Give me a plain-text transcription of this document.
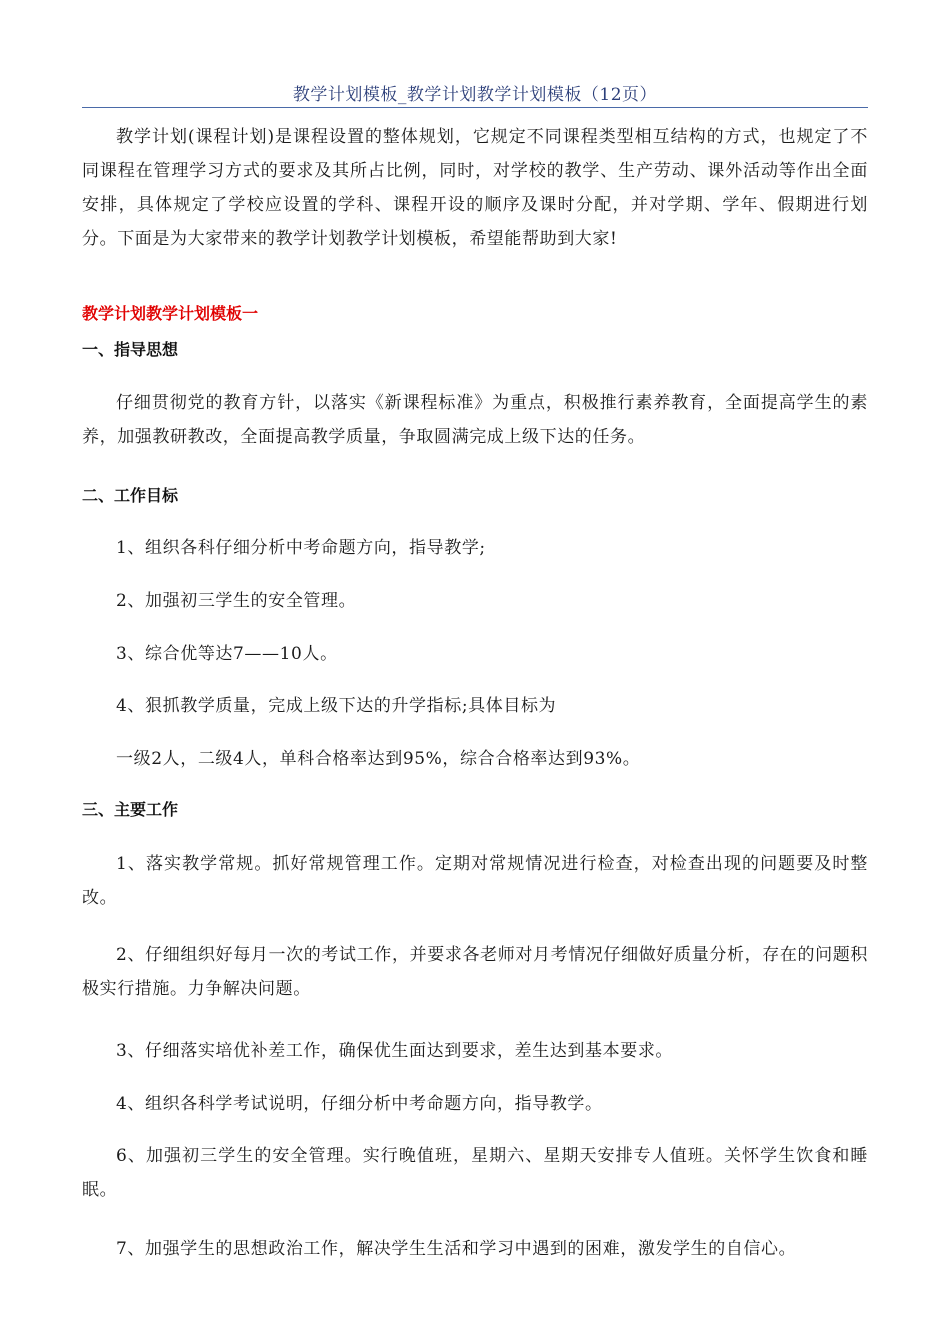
教学计划模板_教学计划教学计划模板（12页）

教学计划(课程计划)是课程设置的整体规划，它规定不同课程类型相互结构的方式，也规定了不同课程在管理学习方式的要求及其所占比例，同时，对学校的教学、生产劳动、课外活动等作出全面安排，具体规定了学校应设置的学科、课程开设的顺序及课时分配，并对学期、学年、假期进行划分。下面是为大家带来的教学计划教学计划模板，希望能帮助到大家!

教学计划教学计划模板一
一、指导思想

仔细贯彻党的教育方针，以落实《新课程标准》为重点，积极推行素养教育，全面提高学生的素养，加强教研教改，全面提高教学质量，争取圆满完成上级下达的任务。

二、工作目标

1、组织各科仔细分析中考命题方向，指导教学;

2、加强初三学生的安全管理。

3、综合优等达7——10人。

4、狠抓教学质量，完成上级下达的升学指标;具体目标为

一级2人，二级4人，单科合格率达到95%，综合合格率达到93%。

三、主要工作

1、落实教学常规。抓好常规管理工作。定期对常规情况进行检查，对检查出现的问题要及时整改。

2、仔细组织好每月一次的考试工作，并要求各老师对月考情况仔细做好质量分析，存在的问题积极实行措施。力争解决问题。

3、仔细落实培优补差工作，确保优生面达到要求，差生达到基本要求。

4、组织各科学考试说明，仔细分析中考命题方向，指导教学。

6、加强初三学生的安全管理。实行晚值班，星期六、星期天安排专人值班。关怀学生饮食和睡眠。

7、加强学生的思想政治工作，解决学生生活和学习中遇到的困难，激发学生的自信心。
